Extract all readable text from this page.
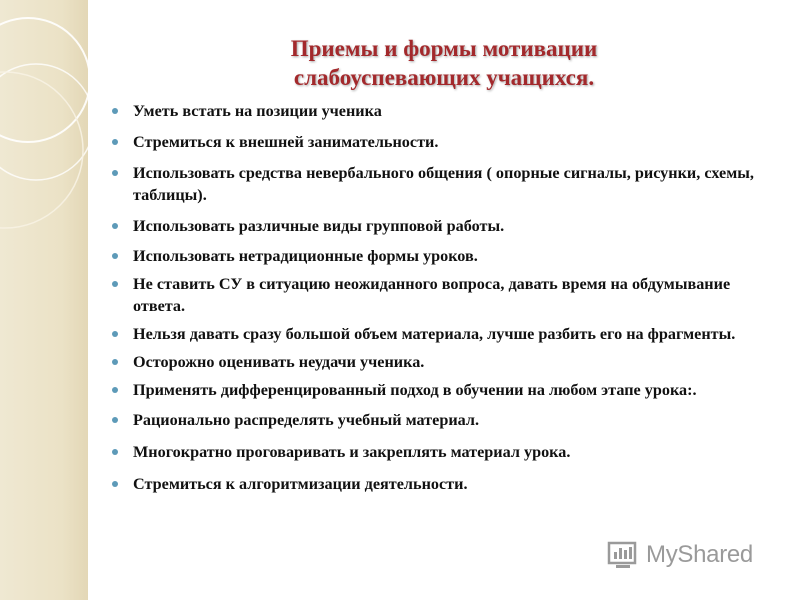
Приемы и формы мотивации
слабоуспевающих учащихся.
Уметь встать на позиции ученика
Стремиться к внешней занимательности.
Использовать средства невербального общения ( опорные сигналы, рисунки, схемы, таблицы).
Использовать различные виды групповой работы.
Использовать нетрадиционные формы уроков.
Не ставить СУ в ситуацию неожиданного вопроса, давать время на обдумывание ответа.
Нельзя давать сразу большой объем материала, лучше разбить его на фрагменты.
Осторожно оценивать неудачи ученика.
Применять дифференцированный подход в обучении на любом этапе урока:.
Рационально распределять учебный материал.
Многократно проговаривать и закреплять материал урока.
Стремиться к алгоритмизации деятельности.
MyShared
